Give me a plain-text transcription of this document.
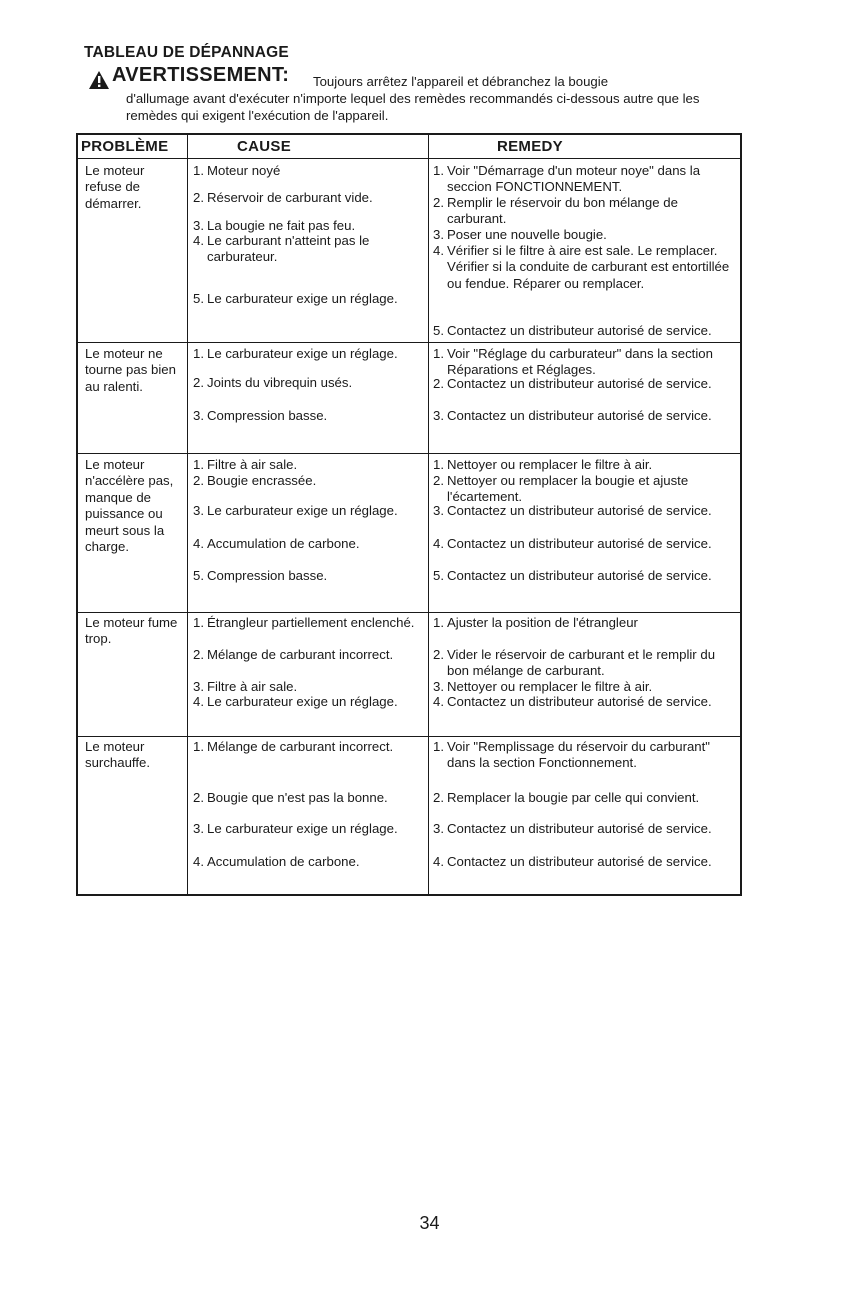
TABLEAU DE DÉPANNAGE
AVERTISSEMENT: Toujours arrêtez l'appareil et débranchez la bougie
d'allumage avant d'exécuter n'importe lequel des remèdes recommandés ci-dessous autre que les remèdes qui exigent l'exécution de l'appareil.
PROBLÈME	CAUSE	REMEDY
Le moteur refuse de démarrer.
1. Moteur noyé
2. Réservoir de carburant vide.
3. La bougie ne fait pas feu.
4. Le carburant n'atteint pas le carburateur.
5. Le carburateur exige un réglage.
1. Voir "Démarrage d'un moteur noye" dans la seccion FONCTIONNEMENT.
2. Remplir le réservoir du bon mélange de carburant.
3. Poser une nouvelle bougie.
4. Vérifier si le filtre à aire est sale. Le remplacer. Vérifier si la conduite de carburant est entortillée ou fendue. Réparer ou remplacer.
5. Contactez un distributeur autorisé de service.
Le moteur ne tourne pas bien au ralenti.
1. Le carburateur exige un réglage.
2. Joints du vibrequin usés.
3. Compression basse.
1. Voir "Réglage du carburateur" dans la section Réparations et Réglages.
2. Contactez un distributeur autorisé de service.
3. Contactez un distributeur autorisé de service.
Le moteur n'accélère pas, manque de puissance ou meurt sous la charge.
1. Filtre à air sale.
2. Bougie encrassée.
3. Le carburateur exige un réglage.
4. Accumulation de carbone.
5. Compression basse.
1. Nettoyer ou remplacer le filtre à air.
2. Nettoyer ou remplacer la bougie et ajuste l'écartement.
3. Contactez un distributeur autorisé de service.
4. Contactez un distributeur autorisé de service.
5. Contactez un distributeur autorisé de service.
Le moteur fume trop.
1. Étrangleur partiellement enclenché.
2. Mélange de carburant incorrect.
3. Filtre à air sale.
4. Le carburateur exige un réglage.
1. Ajuster la position de l'étrangleur
2. Vider le réservoir de carburant et le remplir du bon mélange de carburant.
3. Nettoyer ou remplacer le filtre à air.
4. Contactez un distributeur autorisé de service.
Le moteur surchauffe.
1. Mélange de carburant incorrect.
2. Bougie que n'est pas la bonne.
3. Le carburateur exige un réglage.
4. Accumulation de carbone.
1. Voir "Remplissage du réservoir du carburant" dans la section Fonctionnement.
2. Remplacer la bougie par celle qui convient.
3. Contactez un distributeur autorisé de service.
4. Contactez un distributeur autorisé de service.
34
